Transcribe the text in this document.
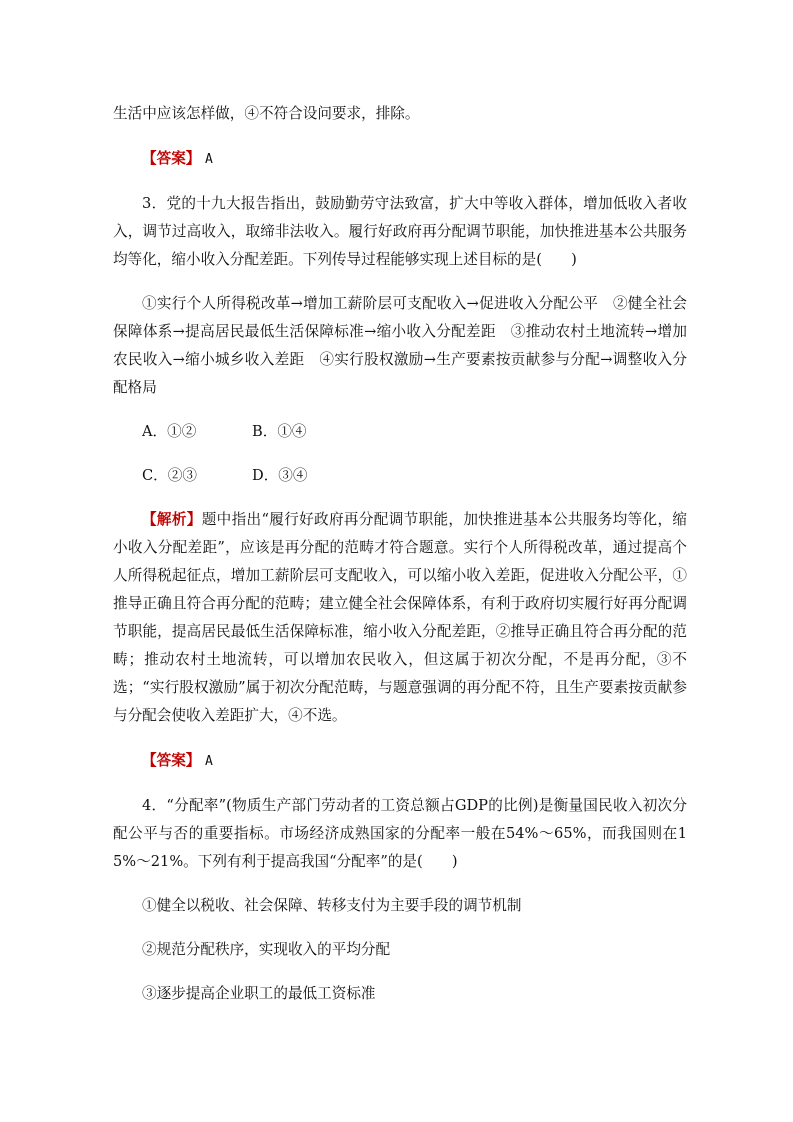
生活中应该怎样做，④不符合设问要求，排除。

【答案】 A

3．党的十九大报告指出，鼓励勤劳守法致富，扩大中等收入群体，增加低收入者收入，调节过高收入，取缔非法收入。履行好政府再分配调节职能，加快推进基本公共服务均等化，缩小收入分配差距。下列传导过程能够实现上述目标的是(　　)

①实行个人所得税改革→增加工薪阶层可支配收入→促进收入分配公平　②健全社会保障体系→提高居民最低生活保障标准→缩小收入分配差距　③推动农村土地流转→增加农民收入→缩小城乡收入差距　④实行股权激励→生产要素按贡献参与分配→调整收入分配格局

A．①②	B．①④
C．②③	D．③④

【解析】题中指出“履行好政府再分配调节职能，加快推进基本公共服务均等化，缩小收入分配差距”，应该是再分配的范畴才符合题意。实行个人所得税改革，通过提高个人所得税起征点，增加工薪阶层可支配收入，可以缩小收入差距，促进收入分配公平，①推导正确且符合再分配的范畴；建立健全社会保障体系，有利于政府切实履行好再分配调节职能，提高居民最低生活保障标准，缩小收入分配差距，②推导正确且符合再分配的范畴；推动农村土地流转，可以增加农民收入，但这属于初次分配，不是再分配，③不选；“实行股权激励”属于初次分配范畴，与题意强调的再分配不符，且生产要素按贡献参与分配会使收入差距扩大，④不选。

【答案】 A

4．“分配率”(物质生产部门劳动者的工资总额占GDP的比例)是衡量国民收入初次分配公平与否的重要指标。市场经济成熟国家的分配率一般在54%～65%，而我国则在15%～21%。下列有利于提高我国“分配率”的是(　　)

①健全以税收、社会保障、转移支付为主要手段的调节机制

②规范分配秩序，实现收入的平均分配

③逐步提高企业职工的最低工资标准
